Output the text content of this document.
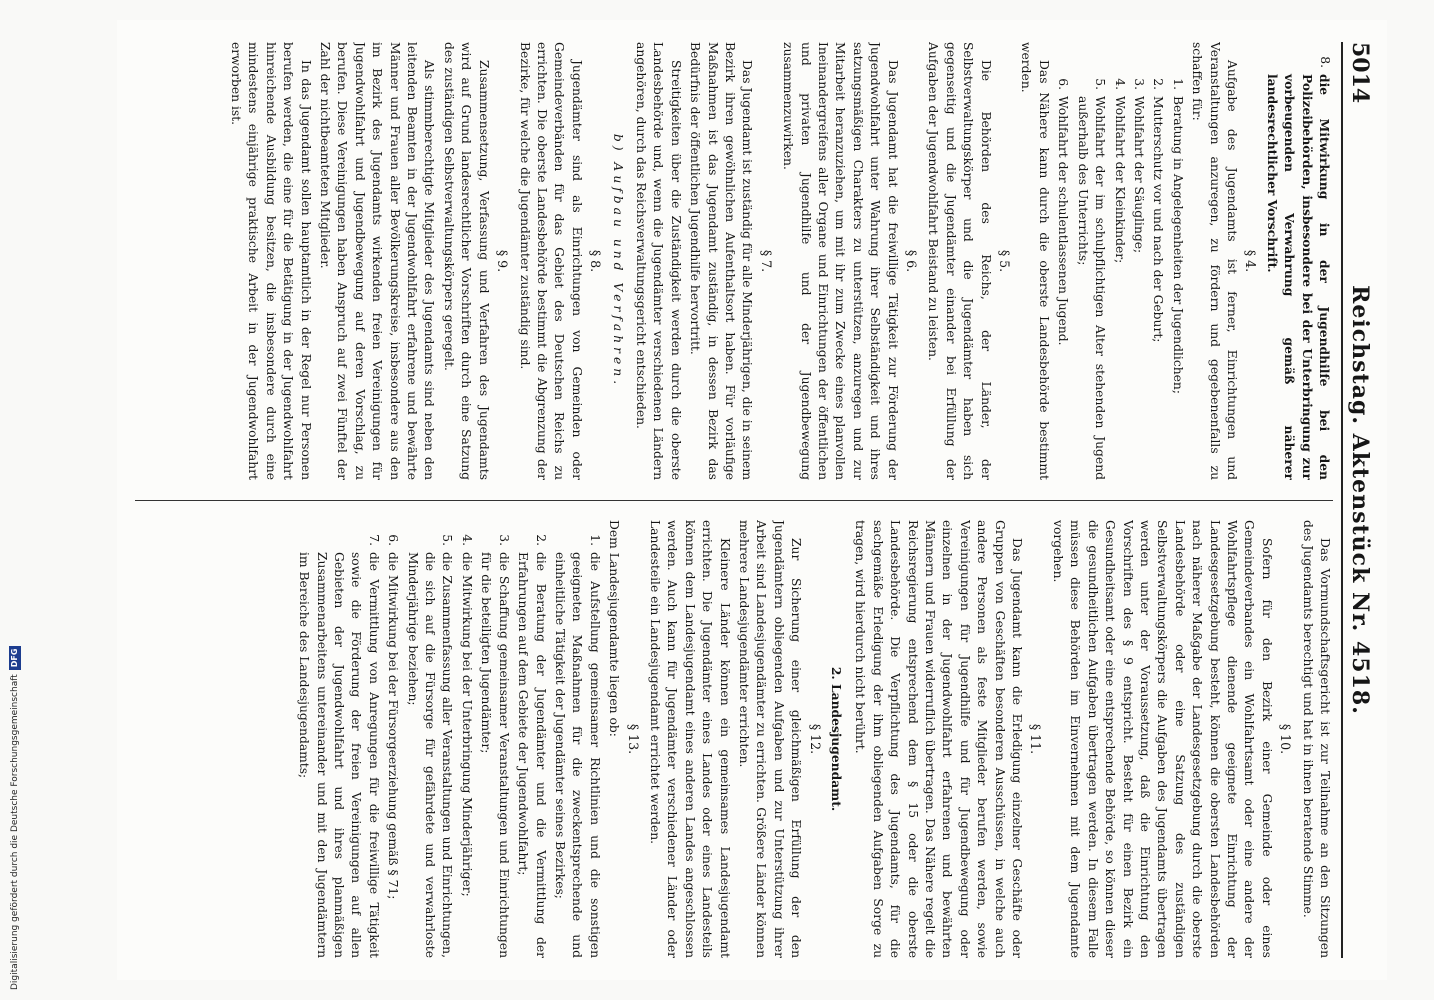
Digitalisierung gefördert durch die Deutsche Forschungsgemeinschaft
DFG
5014
Reichstag. Aktenstück Nr. 4518.
8.
die Mitwirkung in der Jugendhilfe bei den Polizeibehörden, insbesondere bei der Unterbringung zur vorbeugenden Verwahrung gemäß näherer landesrechtlicher Vorschrift.
§ 4.

Aufgabe des Jugendamts ist ferner, Einrichtungen und Veranstaltungen anzuregen, zu fördern und gegebenenfalls zu schaffen für:

1.
Beratung in Angelegenheiten der Jugendlichen;
2.
Mutterschutz vor und nach der Geburt;
3.
Wohlfahrt der Säuglinge;
4.
Wohlfahrt der Kleinkinder;
5.
Wohlfahrt der im schulpflichtigen Alter stehenden Jugend außerhalb des Unterrichts;
6.
Wohlfahrt der schulentlassenen Jugend.

Das Nähere kann durch die oberste Landesbehörde bestimmt werden.

§ 5.

Die Behörden des Reichs, der Länder, der Selbstverwaltungskörper und die Jugendämter haben sich gegenseitig und die Jugendämter einander bei Erfüllung der Aufgaben der Jugendwohlfahrt Beistand zu leisten.

§ 6.

Das Jugendamt hat die freiwillige Tätigkeit zur Förderung der Jugendwohlfahrt unter Wahrung ihrer Selbständigkeit und ihres satzungsmäßigen Charakters zu unterstützen, anzuregen und zur Mitarbeit heranzuziehen, um mit ihr zum Zwecke eines planvollen Ineinandergreifens aller Organe und Einrichtungen der öffentlichen und privaten Jugendhilfe und der Jugendbewegung zusammenzuwirken.

§ 7.

Das Jugendamt ist zuständig für alle Minderjährigen, die in seinem Bezirk ihren gewöhnlichen Aufenthaltsort haben. Für vorläufige Maßnahmen ist das Jugendamt zuständig, in dessen Bezirk das Bedürfnis der öffentlichen Jugendhilfe hervortritt.

Streitigkeiten über die Zuständigkeit werden durch die oberste Landesbehörde und, wenn die Jugendämter verschiedenen Ländern angehören, durch das Reichsverwaltungsgericht entschieden.

b) Aufbau und Verfahren.
§ 8.

Jugendämter sind als Einrichtungen von Gemeinden oder Gemeindeverbänden für das Gebiet des Deutschen Reichs zu errichten. Die oberste Landesbehörde bestimmt die Abgrenzung der Bezirke, für welche die Jugendämter zuständig sind.

§ 9.

Zusammensetzung, Verfassung und Verfahren des Jugendamts wird auf Grund landesrechtlicher Vorschriften durch eine Satzung des zuständigen Selbstverwaltungskörpers geregelt.

Als stimmberechtigte Mitglieder des Jugendamts sind neben den leitenden Beamten in der Jugendwohlfahrt erfahrene und bewährte Männer und Frauen aller Bevölkerungskreise, insbesondere aus den im Bezirk des Jugendamts wirkenden freien Vereinigungen für Jugendwohlfahrt und Jugendbewegung auf deren Vorschlag, zu berufen. Diese Vereinigungen haben Anspruch auf zwei Fünftel der Zahl der nichtbeamteten Mitglieder.

In das Jugendamt sollen hauptamtlich in der Regel nur Personen berufen werden, die eine für die Betätigung in der Jugendwohlfahrt hinreichende Ausbildung besitzen, die insbesondere durch eine mindestens einjährige praktische Arbeit in der Jugendwohlfahrt erworben ist.

Das Vormundschaftsgericht ist zur Teilnahme an den Sitzungen des Jugendamts berechtigt und hat in ihnen beratende Stimme.

§ 10.

Sofern für den Bezirk einer Gemeinde oder eines Gemeindeverbandes ein Wohlfahrtsamt oder eine andere der Wohlfahrtspflege dienende geeignete Einrichtung der Landesgesetzgebung besteht, können die obersten Landesbehörden nach näherer Maßgabe der Landesgesetzgebung durch die oberste Landesbehörde oder eine Satzung des zuständigen Selbstverwaltungskörpers die Aufgaben des Jugendamts übertragen werden unter der Voraussetzung, daß die Einrichtung den Vorschriften des § 9 entspricht. Besteht für einen Bezirk ein Gesundheitsamt oder eine entsprechende Behörde, so können dieser die gesundheitlichen Aufgaben übertragen werden. In diesem Falle müssen diese Behörden im Einvernehmen mit dem Jugendamte vorgehen.

§ 11.

Das Jugendamt kann die Erledigung einzelner Geschäfte oder Gruppen von Geschäften besonderen Ausschüssen, in welche auch andere Personen als feste Mitglieder berufen werden, sowie Vereinigungen für Jugendhilfe und für Jugendbewegung oder einzelnen in der Jugendwohlfahrt erfahrenen und bewährten Männern und Frauen widerruflich übertragen. Das Nähere regelt die Reichsregierung entsprechend dem § 15 oder die oberste Landesbehörde. Die Verpflichtung des Jugendamts, für die sachgemäße Erledigung der ihm obliegenden Aufgaben Sorge zu tragen, wird hierdurch nicht berührt.

2. Landesjugendamt.
§ 12.

Zur Sicherung einer gleichmäßigen Erfüllung der den Jugendämtern obliegenden Aufgaben und zur Unterstützung ihrer Arbeit sind Landesjugendämter zu errichten. Größere Länder können mehrere Landesjugendämter errichten.

Kleinere Länder können ein gemeinsames Landesjugendamt errichten. Die Jugendämter eines Landes oder eines Landesteils können dem Landesjugendamt eines anderen Landes angeschlossen werden. Auch kann für Jugendämter verschiedener Länder oder Landesteile ein Landesjugendamt errichtet werden.

§ 13.

Dem Landesjugendamte liegen ob:

1.
die Aufstellung gemeinsamer Richtlinien und die sonstigen geeigneten Maßnahmen für die zweckentsprechende und einheitliche Tätigkeit der Jugendämter seines Bezirkes;
2.
die Beratung der Jugendämter und die Vermittlung der Erfahrungen auf dem Gebiete der Jugendwohlfahrt;
3.
die Schaffung gemeinsamer Veranstaltungen und Einrichtungen für die beteiligten Jugendämter;
4.
die Mitwirkung bei der Unterbringung Minderjähriger;
5.
die Zusammenfassung aller Veranstaltungen und Einrichtungen, die sich auf die Fürsorge für gefährdete und verwahrloste Minderjährige beziehen;
6.
die Mitwirkung bei der Fürsorgeerziehung gemäß § 71;
7.
die Vermittlung von Anregungen für die freiwillige Tätigkeit sowie die Förderung der freien Vereinigungen auf allen Gebieten der Jugendwohlfahrt und ihres planmäßigen Zusammenarbeitens untereinander und mit den Jugendämtern im Bereiche des Landesjugendamts;
